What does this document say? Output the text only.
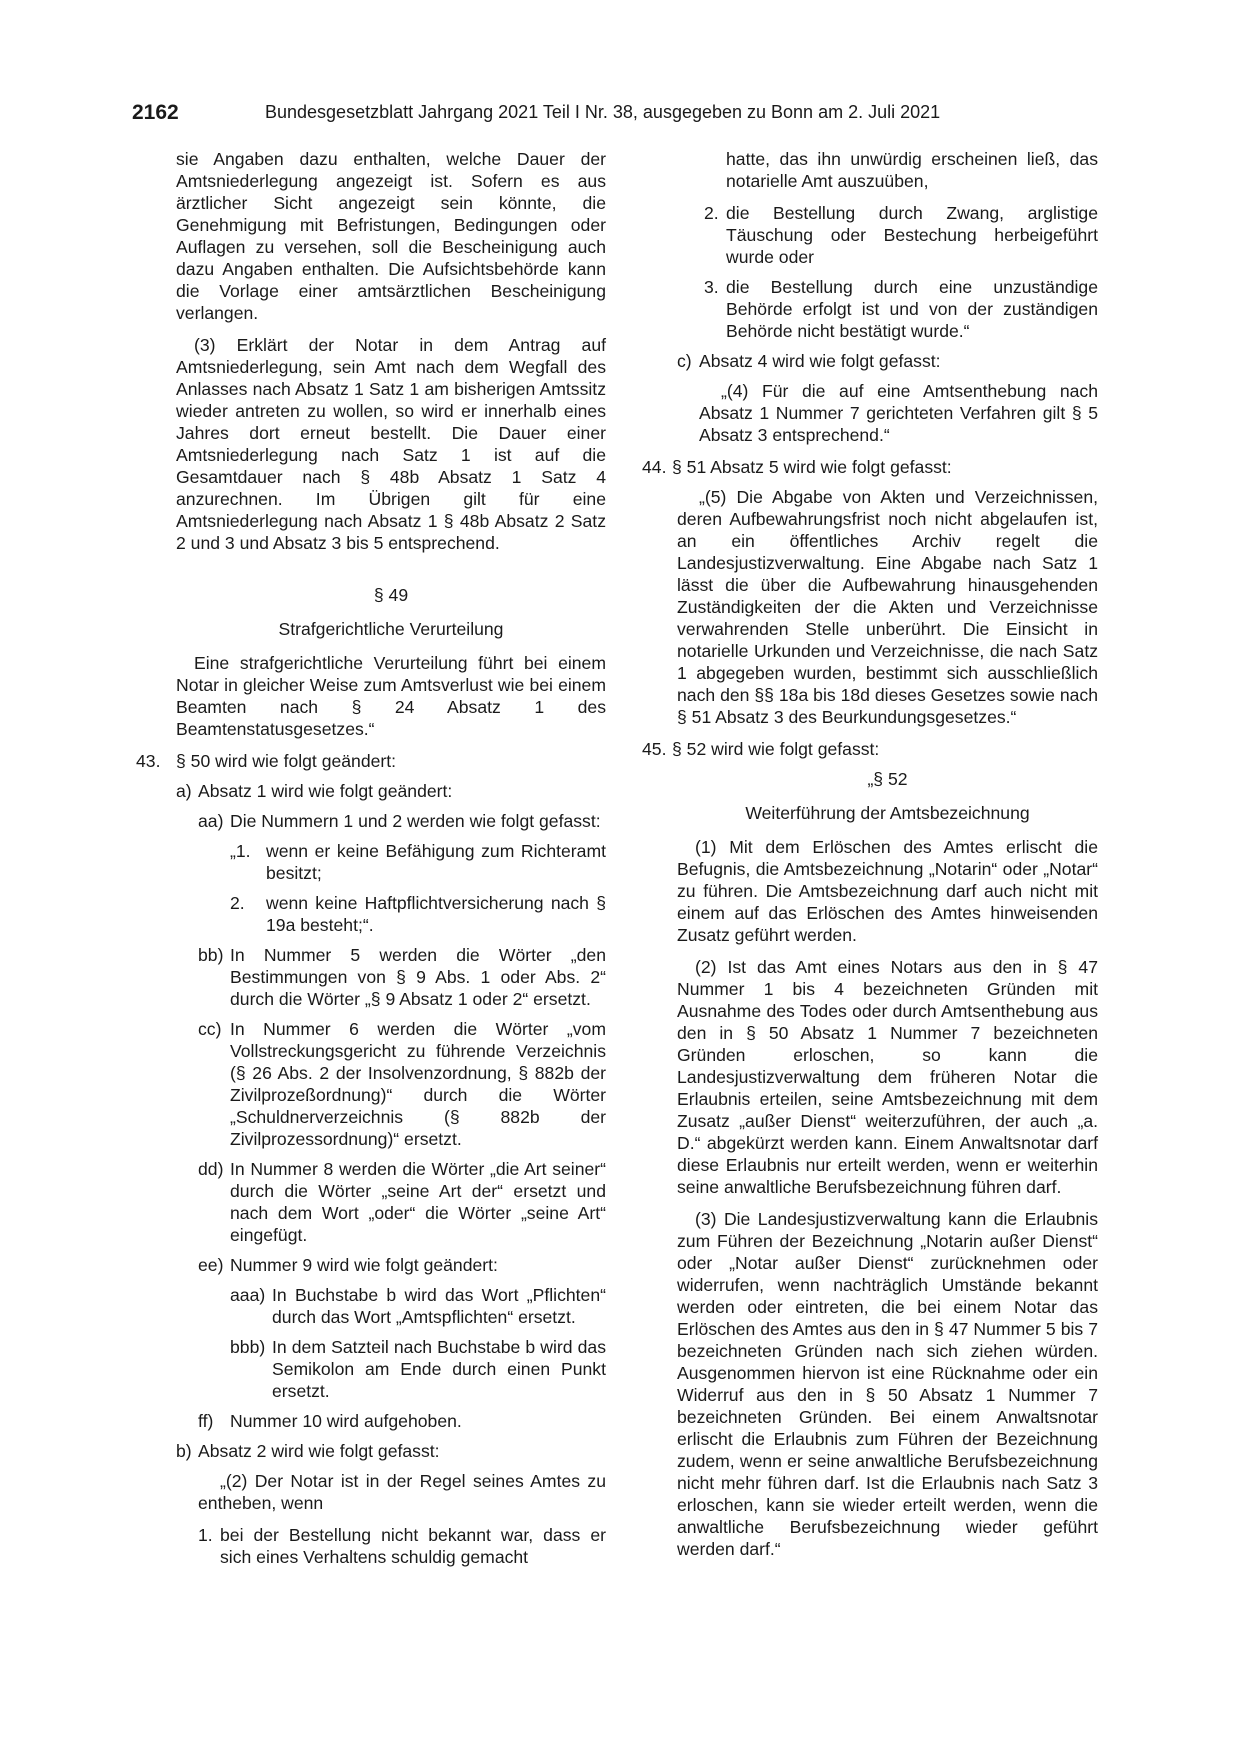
2162	Bundesgesetzblatt Jahrgang 2021 Teil I Nr. 38, ausgegeben zu Bonn am 2. Juli 2021

sie Angaben dazu enthalten, welche Dauer der Amtsniederlegung angezeigt ist. Sofern es aus ärztlicher Sicht angezeigt sein könnte, die Genehmigung mit Befristungen, Bedingungen oder Auflagen zu versehen, soll die Bescheinigung auch dazu Angaben enthalten. Die Aufsichtsbehörde kann die Vorlage einer amtsärztlichen Bescheinigung verlangen.

(3) Erklärt der Notar in dem Antrag auf Amtsniederlegung, sein Amt nach dem Wegfall des Anlasses nach Absatz 1 Satz 1 am bisherigen Amtssitz wieder antreten zu wollen, so wird er innerhalb eines Jahres dort erneut bestellt. Die Dauer einer Amtsniederlegung nach Satz 1 ist auf die Gesamtdauer nach § 48b Absatz 1 Satz 4 anzurechnen. Im Übrigen gilt für eine Amtsniederlegung nach Absatz 1 § 48b Absatz 2 Satz 2 und 3 und Absatz 3 bis 5 entsprechend.

§ 49

Strafgerichtliche Verurteilung

Eine strafgerichtliche Verurteilung führt bei einem Notar in gleicher Weise zum Amtsverlust wie bei einem Beamten nach § 24 Absatz 1 des Beamtenstatusgesetzes.“

43. § 50 wird wie folgt geändert:

a) Absatz 1 wird wie folgt geändert:

aa) Die Nummern 1 und 2 werden wie folgt gefasst:

„1. wenn er keine Befähigung zum Richteramt besitzt;

2. wenn keine Haftpflichtversicherung nach § 19a besteht;“.

bb) In Nummer 5 werden die Wörter „den Bestimmungen von § 9 Abs. 1 oder Abs. 2“ durch die Wörter „§ 9 Absatz 1 oder 2“ ersetzt.

cc) In Nummer 6 werden die Wörter „vom Vollstreckungsgericht zu führende Verzeichnis (§ 26 Abs. 2 der Insolvenzordnung, § 882b der Zivilprozeßordnung)“ durch die Wörter „Schuldnerverzeichnis (§ 882b der Zivilprozessordnung)“ ersetzt.

dd) In Nummer 8 werden die Wörter „die Art seiner“ durch die Wörter „seine Art der“ ersetzt und nach dem Wort „oder“ die Wörter „seine Art“ eingefügt.

ee) Nummer 9 wird wie folgt geändert:

aaa) In Buchstabe b wird das Wort „Pflichten“ durch das Wort „Amtspflichten“ ersetzt.

bbb) In dem Satzteil nach Buchstabe b wird das Semikolon am Ende durch einen Punkt ersetzt.

ff) Nummer 10 wird aufgehoben.

b) Absatz 2 wird wie folgt gefasst:

„(2) Der Notar ist in der Regel seines Amtes zu entheben, wenn

1. bei der Bestellung nicht bekannt war, dass er sich eines Verhaltens schuldig gemacht

hatte, das ihn unwürdig erscheinen ließ, das notarielle Amt auszuüben,

2. die Bestellung durch Zwang, arglistige Täuschung oder Bestechung herbeigeführt wurde oder

3. die Bestellung durch eine unzuständige Behörde erfolgt ist und von der zuständigen Behörde nicht bestätigt wurde.“

c) Absatz 4 wird wie folgt gefasst:

„(4) Für die auf eine Amtsenthebung nach Absatz 1 Nummer 7 gerichteten Verfahren gilt § 5 Absatz 3 entsprechend.“

44. § 51 Absatz 5 wird wie folgt gefasst:

„(5) Die Abgabe von Akten und Verzeichnissen, deren Aufbewahrungsfrist noch nicht abgelaufen ist, an ein öffentliches Archiv regelt die Landesjustizverwaltung. Eine Abgabe nach Satz 1 lässt die über die Aufbewahrung hinausgehenden Zuständigkeiten der die Akten und Verzeichnisse verwahrenden Stelle unberührt. Die Einsicht in notarielle Urkunden und Verzeichnisse, die nach Satz 1 abgegeben wurden, bestimmt sich ausschließlich nach den §§ 18a bis 18d dieses Gesetzes sowie nach § 51 Absatz 3 des Beurkundungsgesetzes.“

45. § 52 wird wie folgt gefasst:

„§ 52

Weiterführung der Amtsbezeichnung

(1) Mit dem Erlöschen des Amtes erlischt die Befugnis, die Amtsbezeichnung „Notarin“ oder „Notar“ zu führen. Die Amtsbezeichnung darf auch nicht mit einem auf das Erlöschen des Amtes hinweisenden Zusatz geführt werden.

(2) Ist das Amt eines Notars aus den in § 47 Nummer 1 bis 4 bezeichneten Gründen mit Ausnahme des Todes oder durch Amtsenthebung aus den in § 50 Absatz 1 Nummer 7 bezeichneten Gründen erloschen, so kann die Landesjustizverwaltung dem früheren Notar die Erlaubnis erteilen, seine Amtsbezeichnung mit dem Zusatz „außer Dienst“ weiterzuführen, der auch „a. D.“ abgekürzt werden kann. Einem Anwaltsnotar darf diese Erlaubnis nur erteilt werden, wenn er weiterhin seine anwaltliche Berufsbezeichnung führen darf.

(3) Die Landesjustizverwaltung kann die Erlaubnis zum Führen der Bezeichnung „Notarin außer Dienst“ oder „Notar außer Dienst“ zurücknehmen oder widerrufen, wenn nachträglich Umstände bekannt werden oder eintreten, die bei einem Notar das Erlöschen des Amtes aus den in § 47 Nummer 5 bis 7 bezeichneten Gründen nach sich ziehen würden. Ausgenommen hiervon ist eine Rücknahme oder ein Widerruf aus den in § 50 Absatz 1 Nummer 7 bezeichneten Gründen. Bei einem Anwaltsnotar erlischt die Erlaubnis zum Führen der Bezeichnung zudem, wenn er seine anwaltliche Berufsbezeichnung nicht mehr führen darf. Ist die Erlaubnis nach Satz 3 erloschen, kann sie wieder erteilt werden, wenn die anwaltliche Berufsbezeichnung wieder geführt werden darf.“
